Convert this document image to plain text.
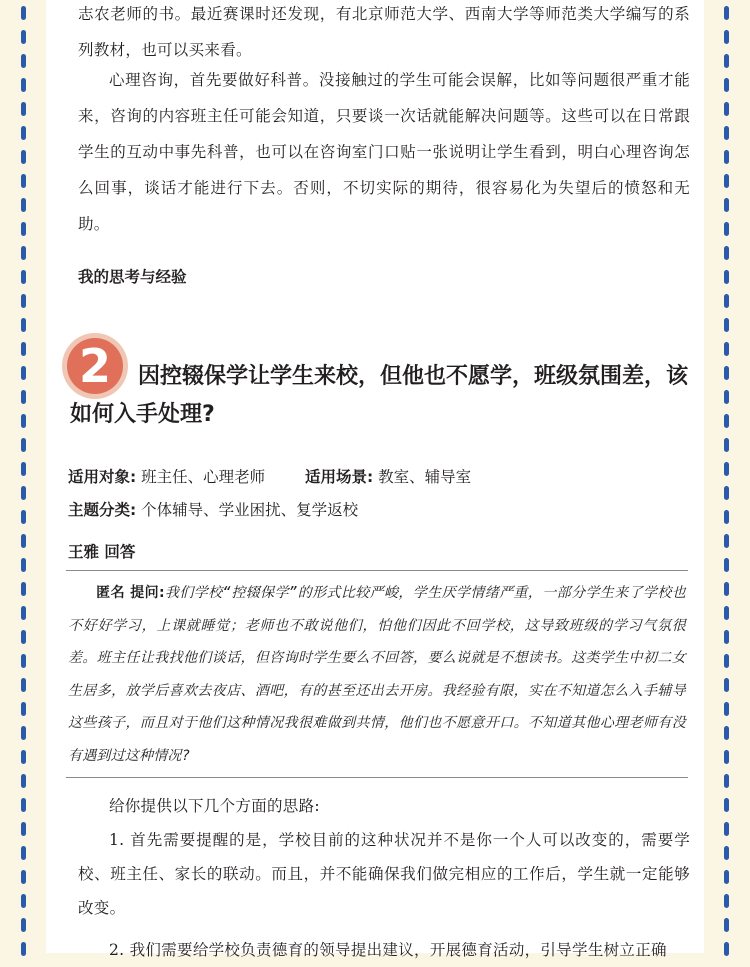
志农老师的书。最近赛课时还发现，有北京师范大学、西南大学等师范类大学编写的系列教材，也可以买来看。

心理咨询，首先要做好科普。没接触过的学生可能会误解，比如等问题很严重才能来，咨询的内容班主任可能会知道，只要谈一次话就能解决问题等。这些可以在日常跟学生的互动中事先科普，也可以在咨询室门口贴一张说明让学生看到，明白心理咨询怎么回事，谈话才能进行下去。否则，不切实际的期待，很容易化为失望后的愤怒和无助。

我的思考与经验
2	因控辍保学让学生来校，但他也不愿学，班级氛围差，该如何入手处理?

适用对象: 班主任、心理老师	适用场景: 教室、辅导室
主题分类: 个体辅导、学业困扰、复学返校
王雅 回答

匿名 提问:我们学校“控辍保学”的形式比较严峻，学生厌学情绪严重，一部分学生来了学校也不好好学习，上课就睡觉；老师也不敢说他们，怕他们因此不回学校，这导致班级的学习气氛很差。班主任让我找他们谈话，但咨询时学生要么不回答，要么说就是不想读书。这类学生中初二女生居多，放学后喜欢去夜店、酒吧，有的甚至还出去开房。我经验有限，实在不知道怎么入手辅导这些孩子，而且对于他们这种情况我很难做到共情，他们也不愿意开口。不知道其他心理老师有没有遇到过这种情况?

给你提供以下几个方面的思路:

1. 首先需要提醒的是，学校目前的这种状况并不是你一个人可以改变的，需要学校、班主任、家长的联动。而且，并不能确保我们做完相应的工作后，学生就一定能够改变。

2. 我们需要给学校负责德育的领导提出建议，开展德育活动，引导学生树立正确
